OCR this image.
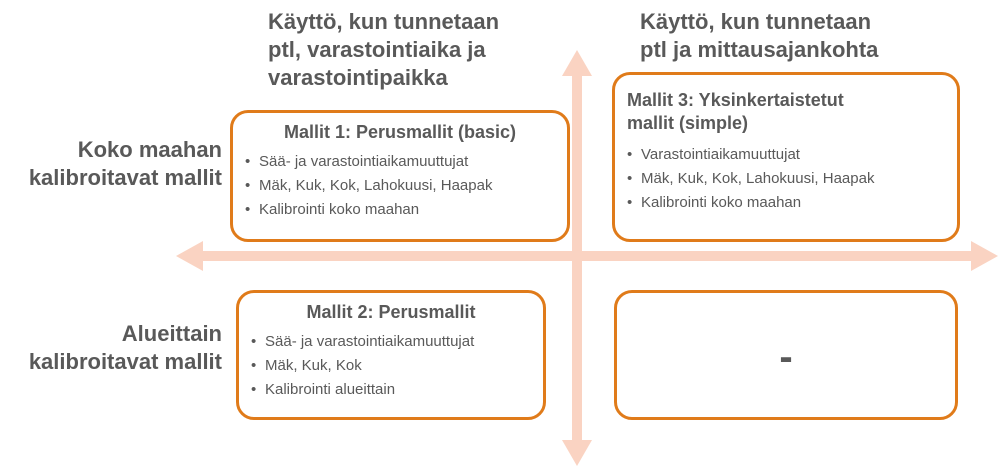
Käyttö, kun tunnetaan
ptl, varastointiaika ja
varastointipaikka
Käyttö, kun tunnetaan
ptl ja mittausajankohta
Koko maahan
kalibroitavat mallit
Alueittain
kalibroitavat mallit
Mallit 1: Perusmallit (basic)
• Sää- ja varastointiaikamuuttujat
• Mäk, Kuk, Kok, Lahokuusi, Haapak
• Kalibrointi koko maahan
Mallit 3: Yksinkertaistetut
mallit (simple)
• Varastointiaikamuuttujat
• Mäk, Kuk, Kok, Lahokuusi, Haapak
• Kalibrointi koko maahan
Mallit 2: Perusmallit
• Sää- ja varastointiaikamuuttujat
• Mäk, Kuk, Kok
• Kalibrointi alueittain
-
